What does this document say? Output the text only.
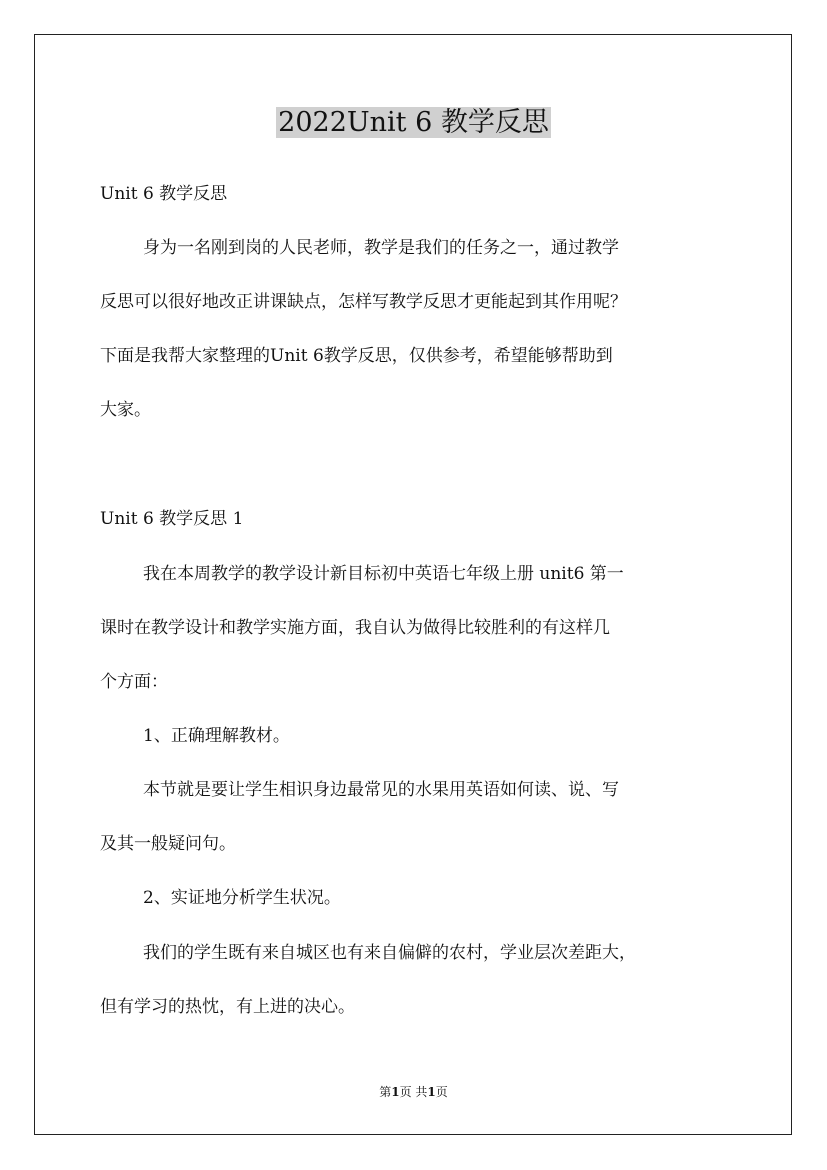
2022Unit 6 教学反思
Unit 6 教学反思
身为一名刚到岗的人民老师，教学是我们的任务之一，通过教学
反思可以很好地改正讲课缺点，怎样写教学反思才更能起到其作用呢？
下面是我帮大家整理的Unit 6教学反思，仅供参考，希望能够帮助到
大家。
Unit 6 教学反思 1
我在本周教学的教学设计新目标初中英语七年级上册 unit6 第一
课时在教学设计和教学实施方面，我自认为做得比较胜利的有这样几
个方面：
1、正确理解教材。
本节就是要让学生相识身边最常见的水果用英语如何读、说、写
及其一般疑问句。
2、实证地分析学生状况。
我们的学生既有来自城区也有来自偏僻的农村，学业层次差距大，
但有学习的热忱，有上进的决心。
第1页 共1页
